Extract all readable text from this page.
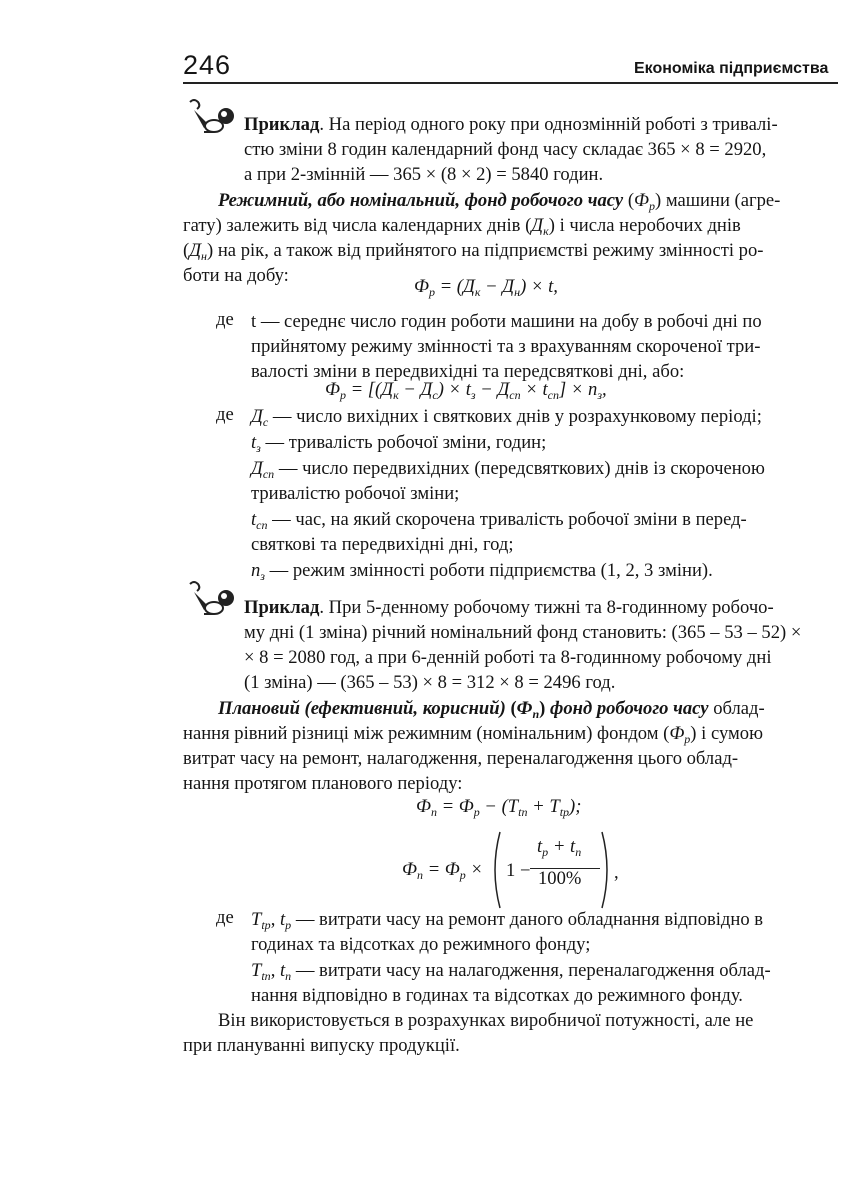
246	Економіка підприємства
Приклад. На період одного року при однозмінній роботі з тривалі-
стю зміни 8 годин календарний фонд часу складає 365 × 8 = 2920,
а при 2-змінній — 365 × (8 × 2) = 5840 годин.
Режимний, або номінальний, фонд робочого часу $(Ф_р)$ машини (агре-
гату) залежить від числа календарних днів $(Д_к)$ і числа неробочих днів
$(Д_н)$ на рік, а також від прийнятого на підприємстві режиму змінності ро-
боти на добу:
$Ф_р = (Д_к - Д_н) \times t$,
де t — середнє число годин роботи машини на добу в робочі дні по
прийнятому режиму змінності та з врахуванням скороченої три-
валості зміни в передвихідні та передсвяткові дні, або:
$Ф_р = [(Д_к - Д_с) \times t_з - Д_{сп} \times t_{сп}] \times n_з$,
де $Д_с$ — число вихідних і святкових днів у розрахунковому періоді;
$t_з$ — тривалість робочої зміни, годин;
$Д_{сп}$ — число передвихідних (передсвяткових) днів із скороченою
тривалістю робочої зміни;
$t_{сп}$ — час, на який скорочена тривалість робочої зміни в перед-
святкові та передвихідні дні, год;
$n_з$ — режим змінності роботи підприємства (1, 2, 3 зміни).
Приклад. При 5-денному робочому тижні та 8-годинному робочо-
му дні (1 зміна) річний номінальний фонд становить: (365 – 53 – 52) ×
× 8 = 2080 год, а при 6-денній роботі та 8-годинному робочому дні
(1 зміна) — (365 – 53) × 8 = 312 × 8 = 2496 год.
Плановий (ефективний, корисний) $(Ф_п)$ фонд робочого часу облад-
нання рівний різниці між режимним (номінальним) фондом $(Ф_р)$ і сумою
витрат часу на ремонт, налагодження, переналагодження цього облад-
нання протягом планового періоду:
$Ф_п = Ф_р - (T_{tп} + T_{tр})$;
$Ф_п = Ф_р \times 1$ −
$t_p + t_n$
100% ,
де $T_{tp}$, $t_p$ — витрати часу на ремонт даного обладнання відповідно в
годинах та відсотках до режимного фонду;
$T_{tn}$, $t_n$ — витрати часу на налагодження, переналагодження облад-
нання відповідно в годинах та відсотках до режимного фонду.
Він використовується в розрахунках виробничої потужності, але не
при плануванні випуску продукції.
